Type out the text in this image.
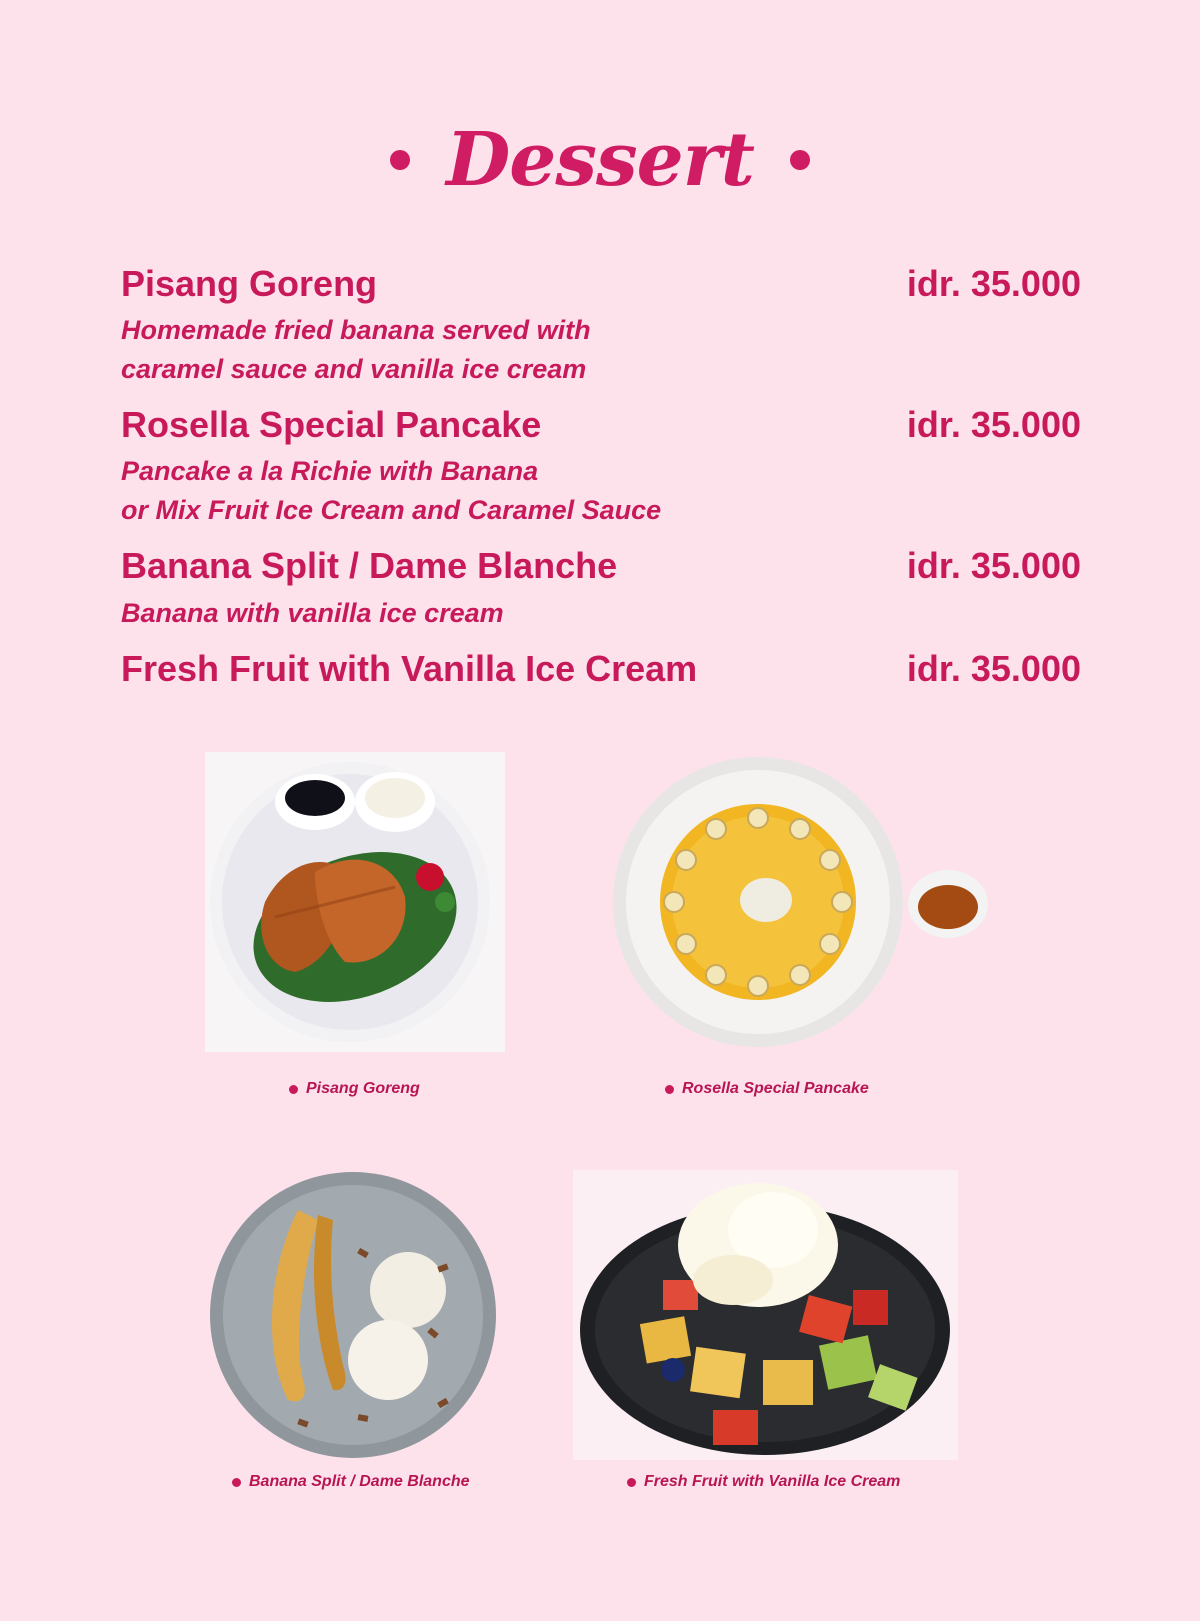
Dessert
Pisang Goreng	idr. 35.000
Homemade fried banana served with
caramel sauce and vanilla ice cream
Rosella Special Pancake	idr. 35.000
Pancake a la Richie with Banana
or Mix Fruit Ice Cream and Caramel Sauce
Banana Split / Dame Blanche	idr. 35.000
Banana with vanilla ice cream
Fresh Fruit with Vanilla Ice Cream	idr. 35.000
Pisang Goreng	Rosella Special Pancake
Banana Split / Dame Blanche	Fresh Fruit with Vanilla Ice Cream
